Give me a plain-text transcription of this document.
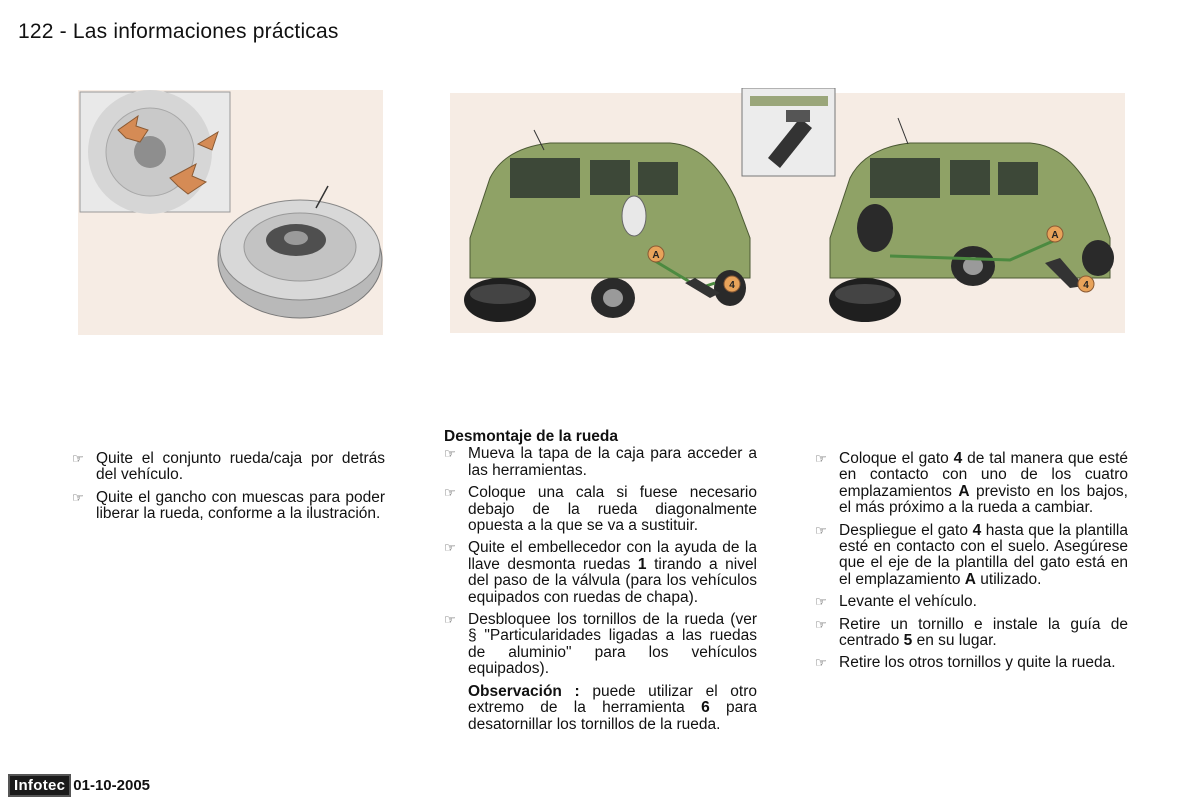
122 - Las informaciones prácticas
A
4
A
4
☞ Quite el conjunto rueda/caja por detrás del vehículo.
☞ Quite el gancho con muescas para poder liberar la rueda, conforme a la ilustración.
Desmontaje de la rueda
☞ Mueva la tapa de la caja para acceder a las herramientas.
☞ Coloque una cala si fuese necesario debajo de la rueda diagonalmente opuesta a la que se va a sustituir.
☞ Quite el embellecedor con la ayuda de la llave desmonta ruedas 1 tirando a nivel del paso de la válvula (para los vehículos equipados con ruedas de chapa).
☞ Desbloquee los tornillos de la rueda (ver § "Particularidades ligadas a las ruedas de aluminio" para los vehículos equipados).
Observación : puede utilizar el otro extremo de la herramienta 6 para desatornillar los tornillos de la rueda.
☞ Coloque el gato 4 de tal manera que esté en contacto con uno de los cuatro emplazamientos A previsto en los bajos, el más próximo a la rueda a cambiar.
☞ Despliegue el gato 4 hasta que la plantilla esté en contacto con el suelo. Asegúrese que el eje de la plantilla del gato está en el emplazamiento A utilizado.
☞ Levante el vehículo.
☞ Retire un tornillo e instale la guía de centrado 5 en su lugar.
☞ Retire los otros tornillos y quite la rueda.
Infotec 01-10-2005
